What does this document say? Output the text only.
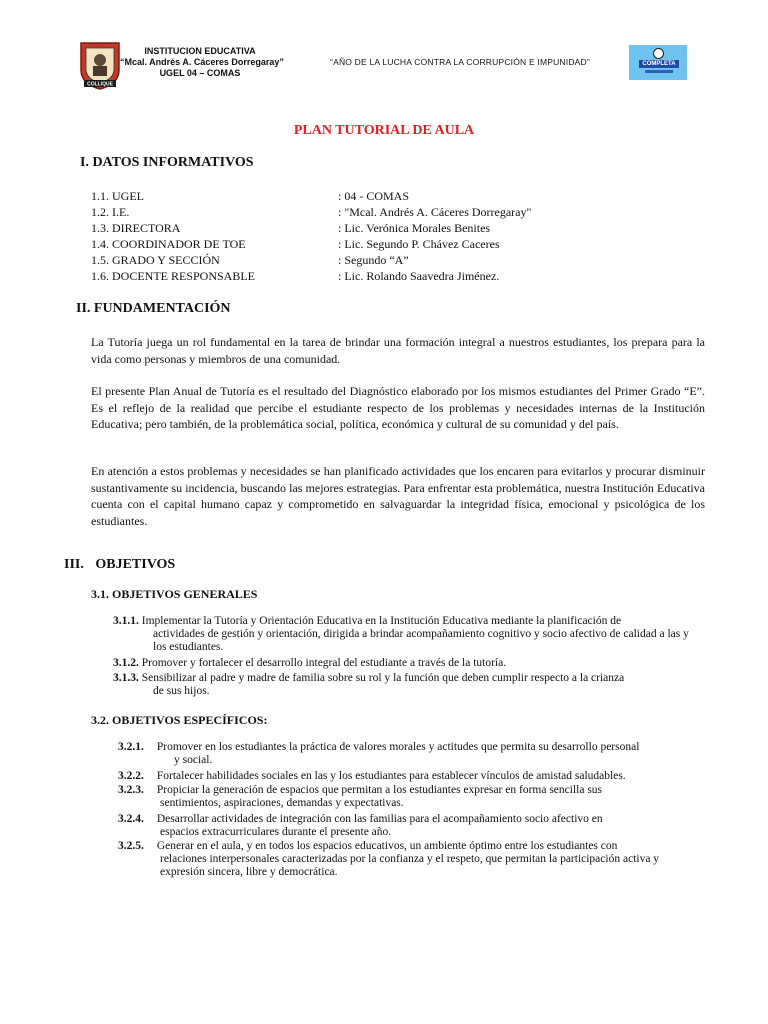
COLLIQUE
INSTITUCION EDUCATIVA
“Mcal. Andrés A. Cáceres Dorregaray”
UGEL 04 – COMAS
“AÑO DE LA LUCHA CONTRA LA CORRUPCIÓN E IMPUNIDAD”	COMPLETA
PLAN TUTORIAL DE AULA
I. DATOS INFORMATIVOS
1.1. UGEL	: 04 - COMAS
1.2. I.E.	: "Mcal. Andrés A. Cáceres Dorregaray"
1.3. DIRECTORA	: Lic. Verónica Morales Benites
1.4. COORDINADOR DE TOE	: Lic. Segundo P. Chávez Caceres
1.5. GRADO Y SECCIÓN	: Segundo “A”
1.6. DOCENTE RESPONSABLE	: Lic. Rolando Saavedra Jiménez.
II. FUNDAMENTACIÓN
La Tutoría juega un rol fundamental en la tarea de brindar una formación integral a nuestros estudiantes, los prepara para la vida como personas y miembros de una comunidad.
El presente Plan Anual de Tutoría es el resultado del Diagnóstico elaborado por los mismos estudiantes del Primer Grado “E”. Es el reflejo de la realidad que percibe el estudiante respecto de los problemas y necesidades internas de la Institución Educativa; pero también, de la problemática social, política, económica y cultural de su comunidad y del país.
En atención a estos problemas y necesidades se han planificado actividades que los encaren para evitarlos y procurar disminuir sustantivamente su incidencia, buscando las mejores estrategias. Para enfrentar esta problemática, nuestra Institución Educativa cuenta con el capital humano capaz y comprometido en salvaguardar la integridad física, emocional y psicológica de los estudiantes.
III. OBJETIVOS
3.1. OBJETIVOS GENERALES
3.1.1. Implementar la Tutoría y Orientación Educativa en la Institución Educativa mediante la planificación de
actividades de gestión y orientación, dirigida a brindar acompañamiento cognitivo y socio afectivo de calidad a las y los estudiantes.
3.1.2. Promover y fortalecer el desarrollo integral del estudiante a través de la tutoría.
3.1.3. Sensibilizar al padre y madre de familia sobre su rol y la función que deben cumplir respecto a la crianza
de sus hijos.
3.2. OBJETIVOS ESPECÍFICOS:
3.2.1. Promover en los estudiantes la práctica de valores morales y actitudes que permita su desarrollo personal
y social.
3.2.2. Fortalecer habilidades sociales en las y los estudiantes para establecer vínculos de amistad saludables.
3.2.3. Propiciar la generación de espacios que permitan a los estudiantes expresar en forma sencilla sus
sentimientos, aspiraciones, demandas y expectativas.
3.2.4. Desarrollar actividades de integración con las familias para el acompañamiento socio afectivo en
espacios extracurriculares durante el presente año.
3.2.5. Generar en el aula, y en todos los espacios educativos, un ambiente óptimo entre los estudiantes con
relaciones interpersonales caracterizadas por la confianza y el respeto, que permitan la participación activa y expresión sincera, libre y democrática.
